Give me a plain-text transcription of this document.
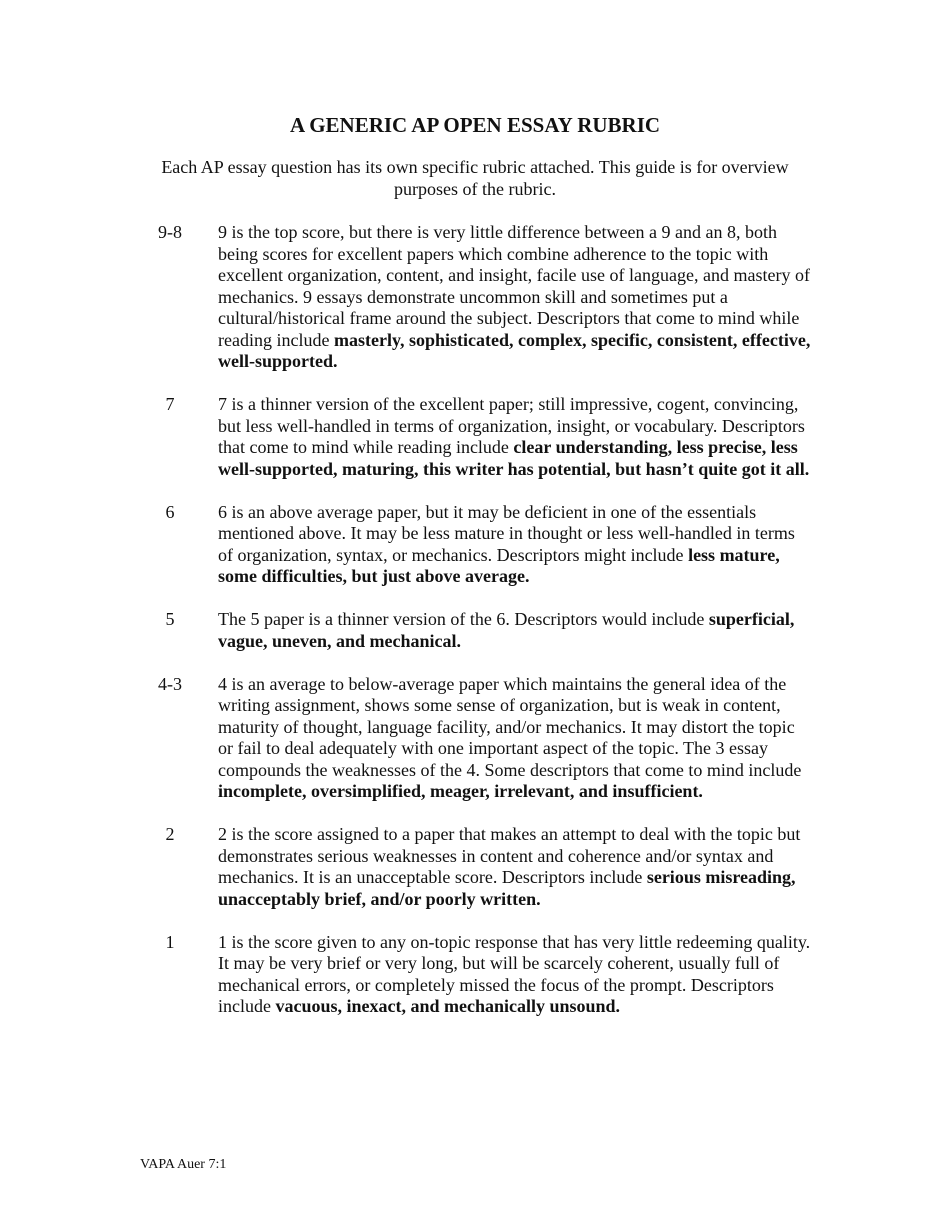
A GENERIC AP OPEN ESSAY RUBRIC
Each AP essay question has its own specific rubric attached. This guide is for overview purposes of the rubric.
9-8	9 is the top score, but there is very little difference between a 9 and an 8, both being scores for excellent papers which combine adherence to the topic with excellent organization, content, and insight, facile use of language, and mastery of mechanics. 9 essays demonstrate uncommon skill and sometimes put a cultural/historical frame around the subject. Descriptors that come to mind while reading include masterly, sophisticated, complex, specific, consistent, effective, well-supported.
7	7 is a thinner version of the excellent paper; still impressive, cogent, convincing, but less well-handled in terms of organization, insight, or vocabulary. Descriptors that come to mind while reading include clear understanding, less precise, less well-supported, maturing, this writer has potential, but hasn’t quite got it all.
6	6 is an above average paper, but it may be deficient in one of the essentials mentioned above. It may be less mature in thought or less well-handled in terms of organization, syntax, or mechanics. Descriptors might include less mature, some difficulties, but just above average.
5	The 5 paper is a thinner version of the 6. Descriptors would include superficial, vague, uneven, and mechanical.
4-3	4 is an average to below-average paper which maintains the general idea of the writing assignment, shows some sense of organization, but is weak in content, maturity of thought, language facility, and/or mechanics. It may distort the topic or fail to deal adequately with one important aspect of the topic. The 3 essay compounds the weaknesses of the 4. Some descriptors that come to mind include incomplete, oversimplified, meager, irrelevant, and insufficient.
2	2 is the score assigned to a paper that makes an attempt to deal with the topic but demonstrates serious weaknesses in content and coherence and/or syntax and mechanics. It is an unacceptable score. Descriptors include serious misreading, unacceptably brief, and/or poorly written.
1	1 is the score given to any on-topic response that has very little redeeming quality. It may be very brief or very long, but will be scarcely coherent, usually full of mechanical errors, or completely missed the focus of the prompt. Descriptors include vacuous, inexact, and mechanically unsound.
VAPA Auer 7:1
